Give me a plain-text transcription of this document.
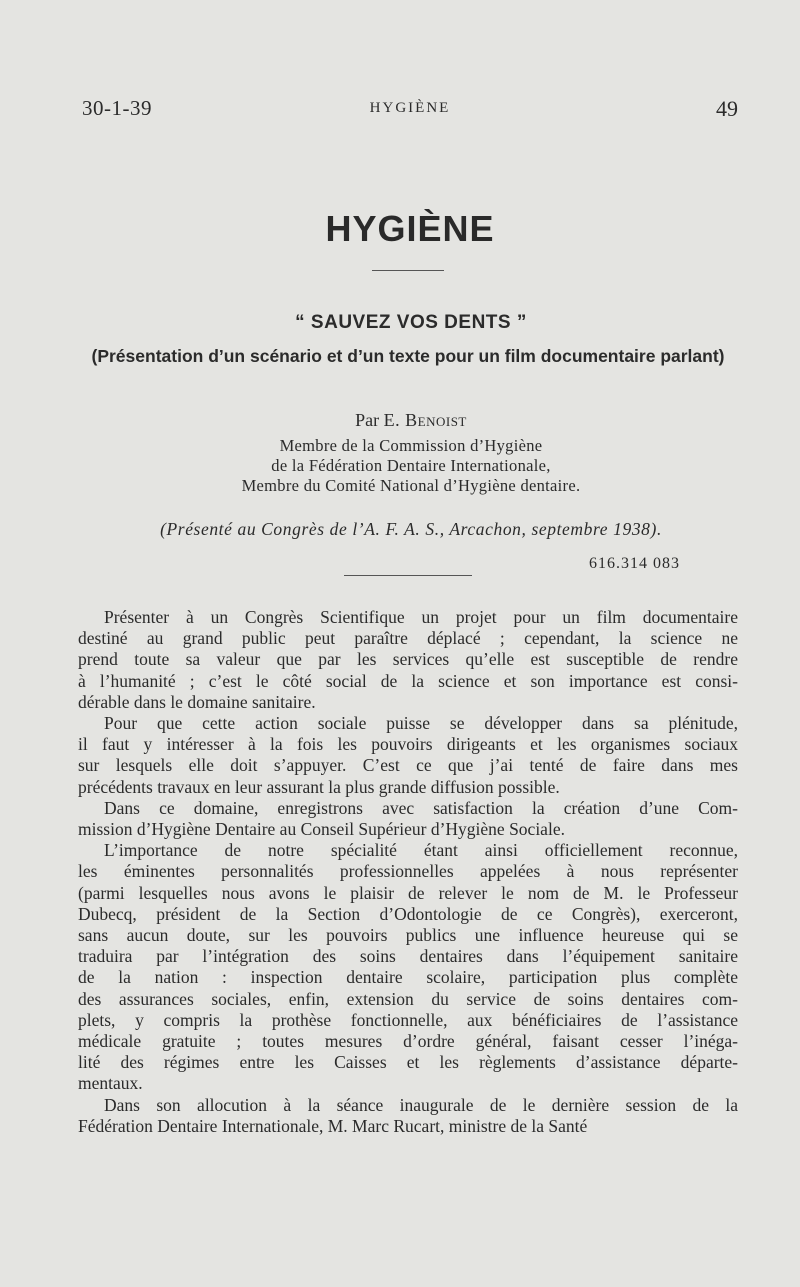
30-1-39	HYGIÈNE	49
HYGIÈNE
“ SAUVEZ VOS DENTS ”
(Présentation d’un scénario et d’un texte pour un film documentaire parlant)
Par E. Benoist
Membre de la Commission d’Hygiène
de la Fédération Dentaire Internationale,
Membre du Comité National d’Hygiène dentaire.
(Présenté au Congrès de l’A. F. A. S., Arcachon, septembre 1938).
616.314 083

Présenter à un Congrès Scientifique un projet pour un film documentaire
destiné au grand public peut paraître déplacé ; cependant, la science ne
prend toute sa valeur que par les services qu’elle est susceptible de rendre
à l’humanité ; c’est le côté social de la science et son importance est consi-
dérable dans le domaine sanitaire.

Pour que cette action sociale puisse se développer dans sa plénitude,
il faut y intéresser à la fois les pouvoirs dirigeants et les organismes sociaux
sur lesquels elle doit s’appuyer. C’est ce que j’ai tenté de faire dans mes
précédents travaux en leur assurant la plus grande diffusion possible.

Dans ce domaine, enregistrons avec satisfaction la création d’une Com-
mission d’Hygiène Dentaire au Conseil Supérieur d’Hygiène Sociale.

L’importance de notre spécialité étant ainsi officiellement reconnue,
les éminentes personnalités professionnelles appelées à nous représenter
(parmi lesquelles nous avons le plaisir de relever le nom de M. le Professeur
Dubecq, président de la Section d’Odontologie de ce Congrès), exerceront,
sans aucun doute, sur les pouvoirs publics une influence heureuse qui se
traduira par l’intégration des soins dentaires dans l’équipement sanitaire
de la nation : inspection dentaire scolaire, participation plus complète
des assurances sociales, enfin, extension du service de soins dentaires com-
plets, y compris la prothèse fonctionnelle, aux bénéficiaires de l’assistance
médicale gratuite ; toutes mesures d’ordre général, faisant cesser l’inéga-
lité des régimes entre les Caisses et les règlements d’assistance départe-
mentaux.

Dans son allocution à la séance inaugurale de le dernière session de la
Fédération Dentaire Internationale, M. Marc Rucart, ministre de la Santé
